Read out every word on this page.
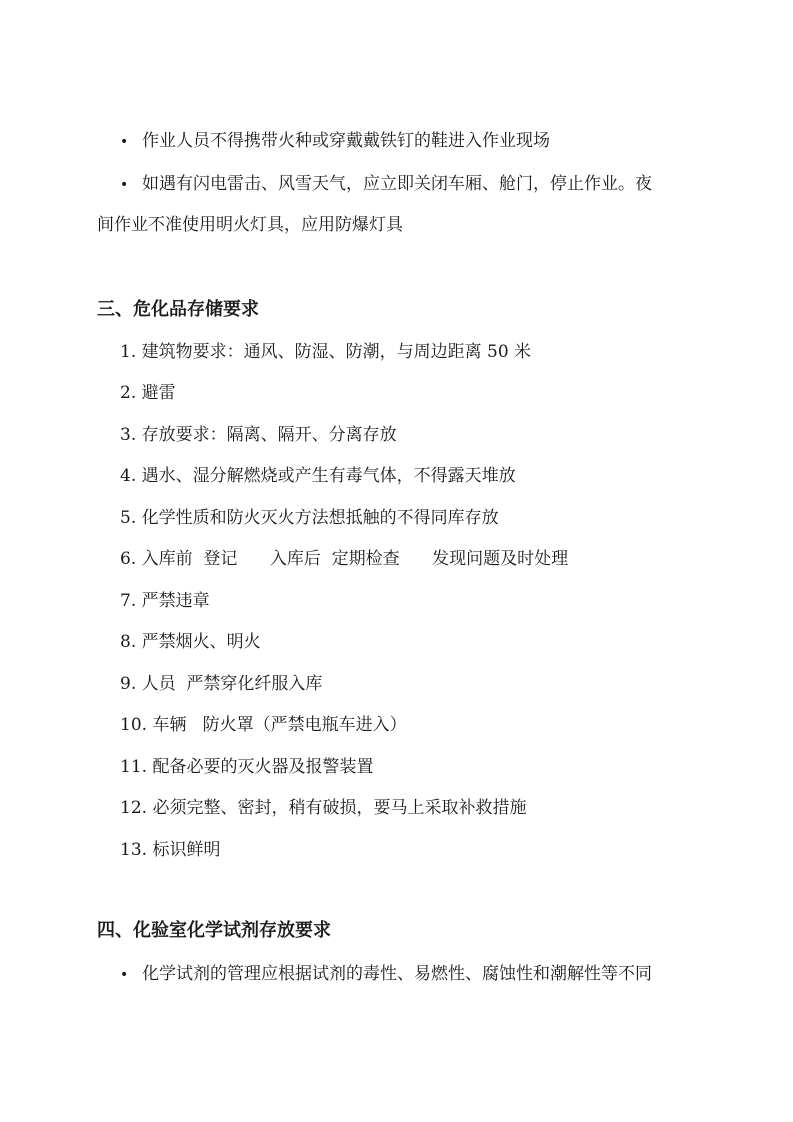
• 作业人员不得携带火种或穿戴戴铁钉的鞋进入作业现场
• 如遇有闪电雷击、风雪天气，应立即关闭车厢、舱门，停止作业。夜
间作业不准使用明火灯具，应用防爆灯具
三、危化品存储要求
1. 建筑物要求：通风、防湿、防潮，与周边距离 50 米
2. 避雷
3. 存放要求：隔离、隔开、分离存放
4. 遇水、湿分解燃烧或产生有毒气体，不得露天堆放
5. 化学性质和防火灭火方法想抵触的不得同库存放
6. 入库前  登记      入库后  定期检查      发现问题及时处理
7. 严禁违章
8. 严禁烟火、明火
9. 人员  严禁穿化纤服入库
10. 车辆   防火罩（严禁电瓶车进入）
11. 配备必要的灭火器及报警装置
12. 必须完整、密封，稍有破损，要马上采取补救措施
13. 标识鲜明
四、化验室化学试剂存放要求
• 化学试剂的管理应根据试剂的毒性、易燃性、腐蚀性和潮解性等不同
